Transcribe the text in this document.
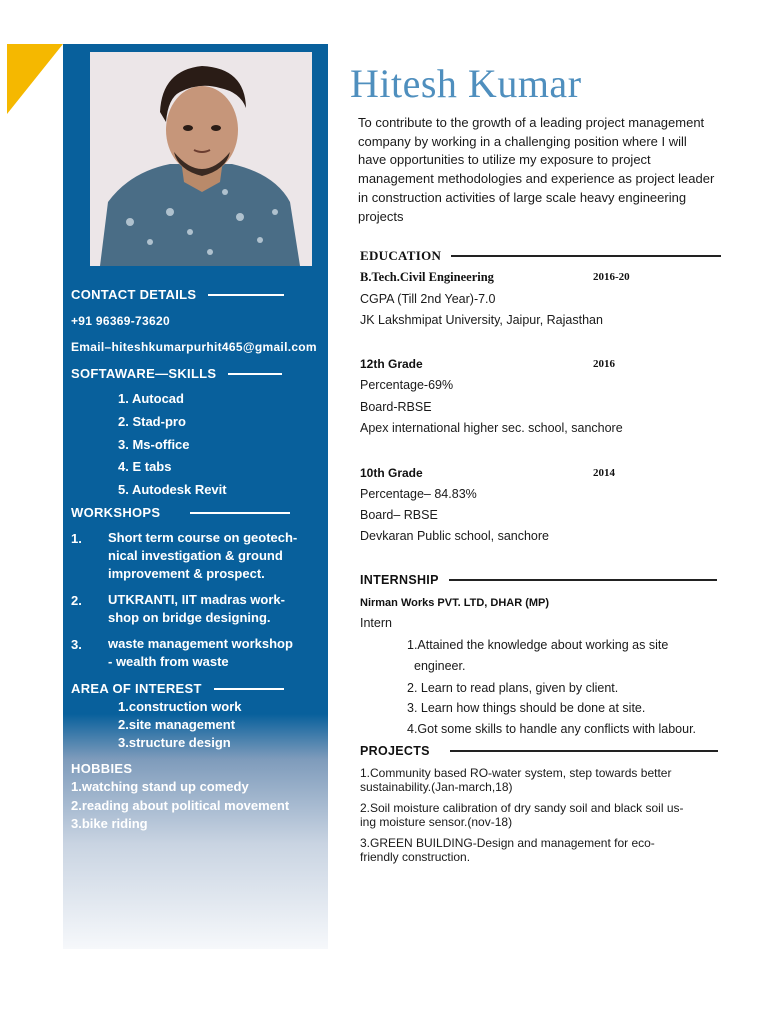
CONTACT DETAILS
+91 96369-73620
Email–hiteshkumarpurhit465@gmail.com
SOFTAWARE—SKILLS
1. Autocad
2. Stad-pro
3. Ms-office
4. E tabs
5. Autodesk Revit
WORKSHOPS
1. Short term course on geotech-
nical investigation & ground
improvement & prospect.
2. UTKRANTI, IIT madras work-
shop on bridge designing.
3. waste management workshop
- wealth from waste
AREA OF INTEREST
1.construction work
2.site management
3.structure design
HOBBIES
1.watching stand up comedy
2.reading about political movement
3.bike riding
Hitesh Kumar
To contribute to the growth of a leading project management company by working in a challenging position where I will have opportunities to utilize my exposure to project management methodologies and experience as project leader in construction activities of large scale heavy engineering projects
EDUCATION
B.Tech.Civil Engineering	2016-20
CGPA (Till 2nd Year)-7.0
JK Lakshmipat University, Jaipur, Rajasthan
12th Grade	2016
Percentage-69%
Board-RBSE
Apex international higher sec. school, sanchore
10th Grade	2014
Percentage– 84.83%
Board– RBSE
Devkaran Public school, sanchore
INTERNSHIP
Nirman Works PVT. LTD, DHAR (MP)
Intern
1.Attained the knowledge about working as site
engineer.
2. Learn to read plans, given by client.
3. Learn how things should be done at site.
4.Got some skills to handle any conflicts with labour.
PROJECTS
1.Community based RO-water system, step towards better
sustainability.(Jan-march,18)
2.Soil moisture calibration of dry sandy soil and black soil us-
ing moisture sensor.(nov-18)
3.GREEN BUILDING-Design and management for eco-
friendly construction.
